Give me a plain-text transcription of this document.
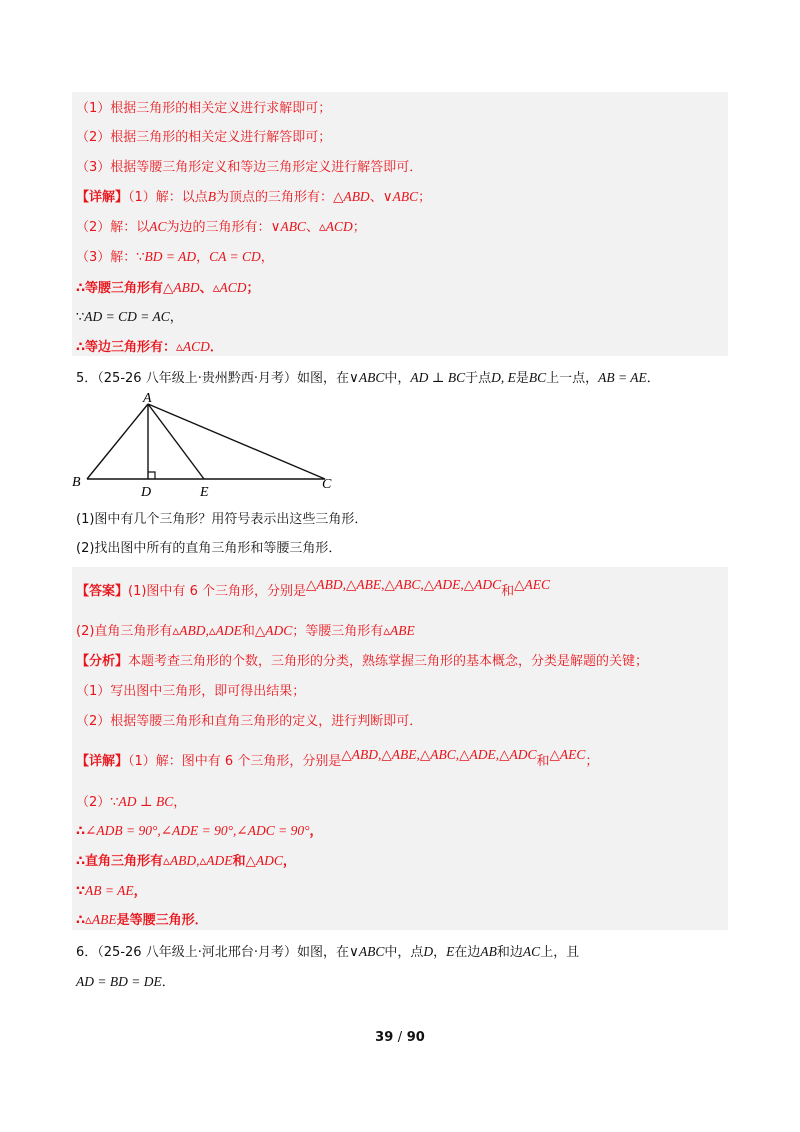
（1）根据三角形的相关定义进行求解即可；
（2）根据三角形的相关定义进行解答即可；
（3）根据等腰三角形定义和等边三角形定义进行解答即可．
【详解】（1）解：以点B为顶点的三角形有：△ABD、∨ABC；
（2）解：以AC为边的三角形有：∨ABC、▵ACD；
（3）解：∵BD = AD，CA = CD，
∴等腰三角形有△ABD、▵ACD；
∵AD = CD = AC，
∴等边三角形有：▵ACD．
5．（25-26 八年级上·贵州黔西·月考）如图，在∨ABC中，AD ⊥ BC于点D, E是BC上一点，AB = AE．
A
B	C
D	E
(1)图中有几个三角形？用符号表示出这些三角形．
(2)找出图中所有的直角三角形和等腰三角形．
【答案】(1)图中有 6 个三角形，分别是△ABD,△ABE,△ABC,△ADE,△ADC和△AEC
(2)直角三角形有▵ABD,▵ADE和△ADC；等腰三角形有▵ABE
【分析】本题考查三角形的个数，三角形的分类，熟练掌握三角形的基本概念，分类是解题的关键；
（1）写出图中三角形，即可得出结果；
（2）根据等腰三角形和直角三角形的定义，进行判断即可．
【详解】（1）解：图中有 6 个三角形，分别是△ABD,△ABE,△ABC,△ADE,△ADC和△AEC；
（2）∵AD ⊥ BC，
∴∠ADB = 90°,∠ADE = 90°,∠ADC = 90°，
∴直角三角形有▵ABD,▵ADE和△ADC，
∵AB = AE，
∴▵ABE是等腰三角形．
6．（25-26 八年级上·河北邢台·月考）如图，在∨ABC中，点D，E在边AB和边AC上，且
AD = BD = DE．
39 / 90
